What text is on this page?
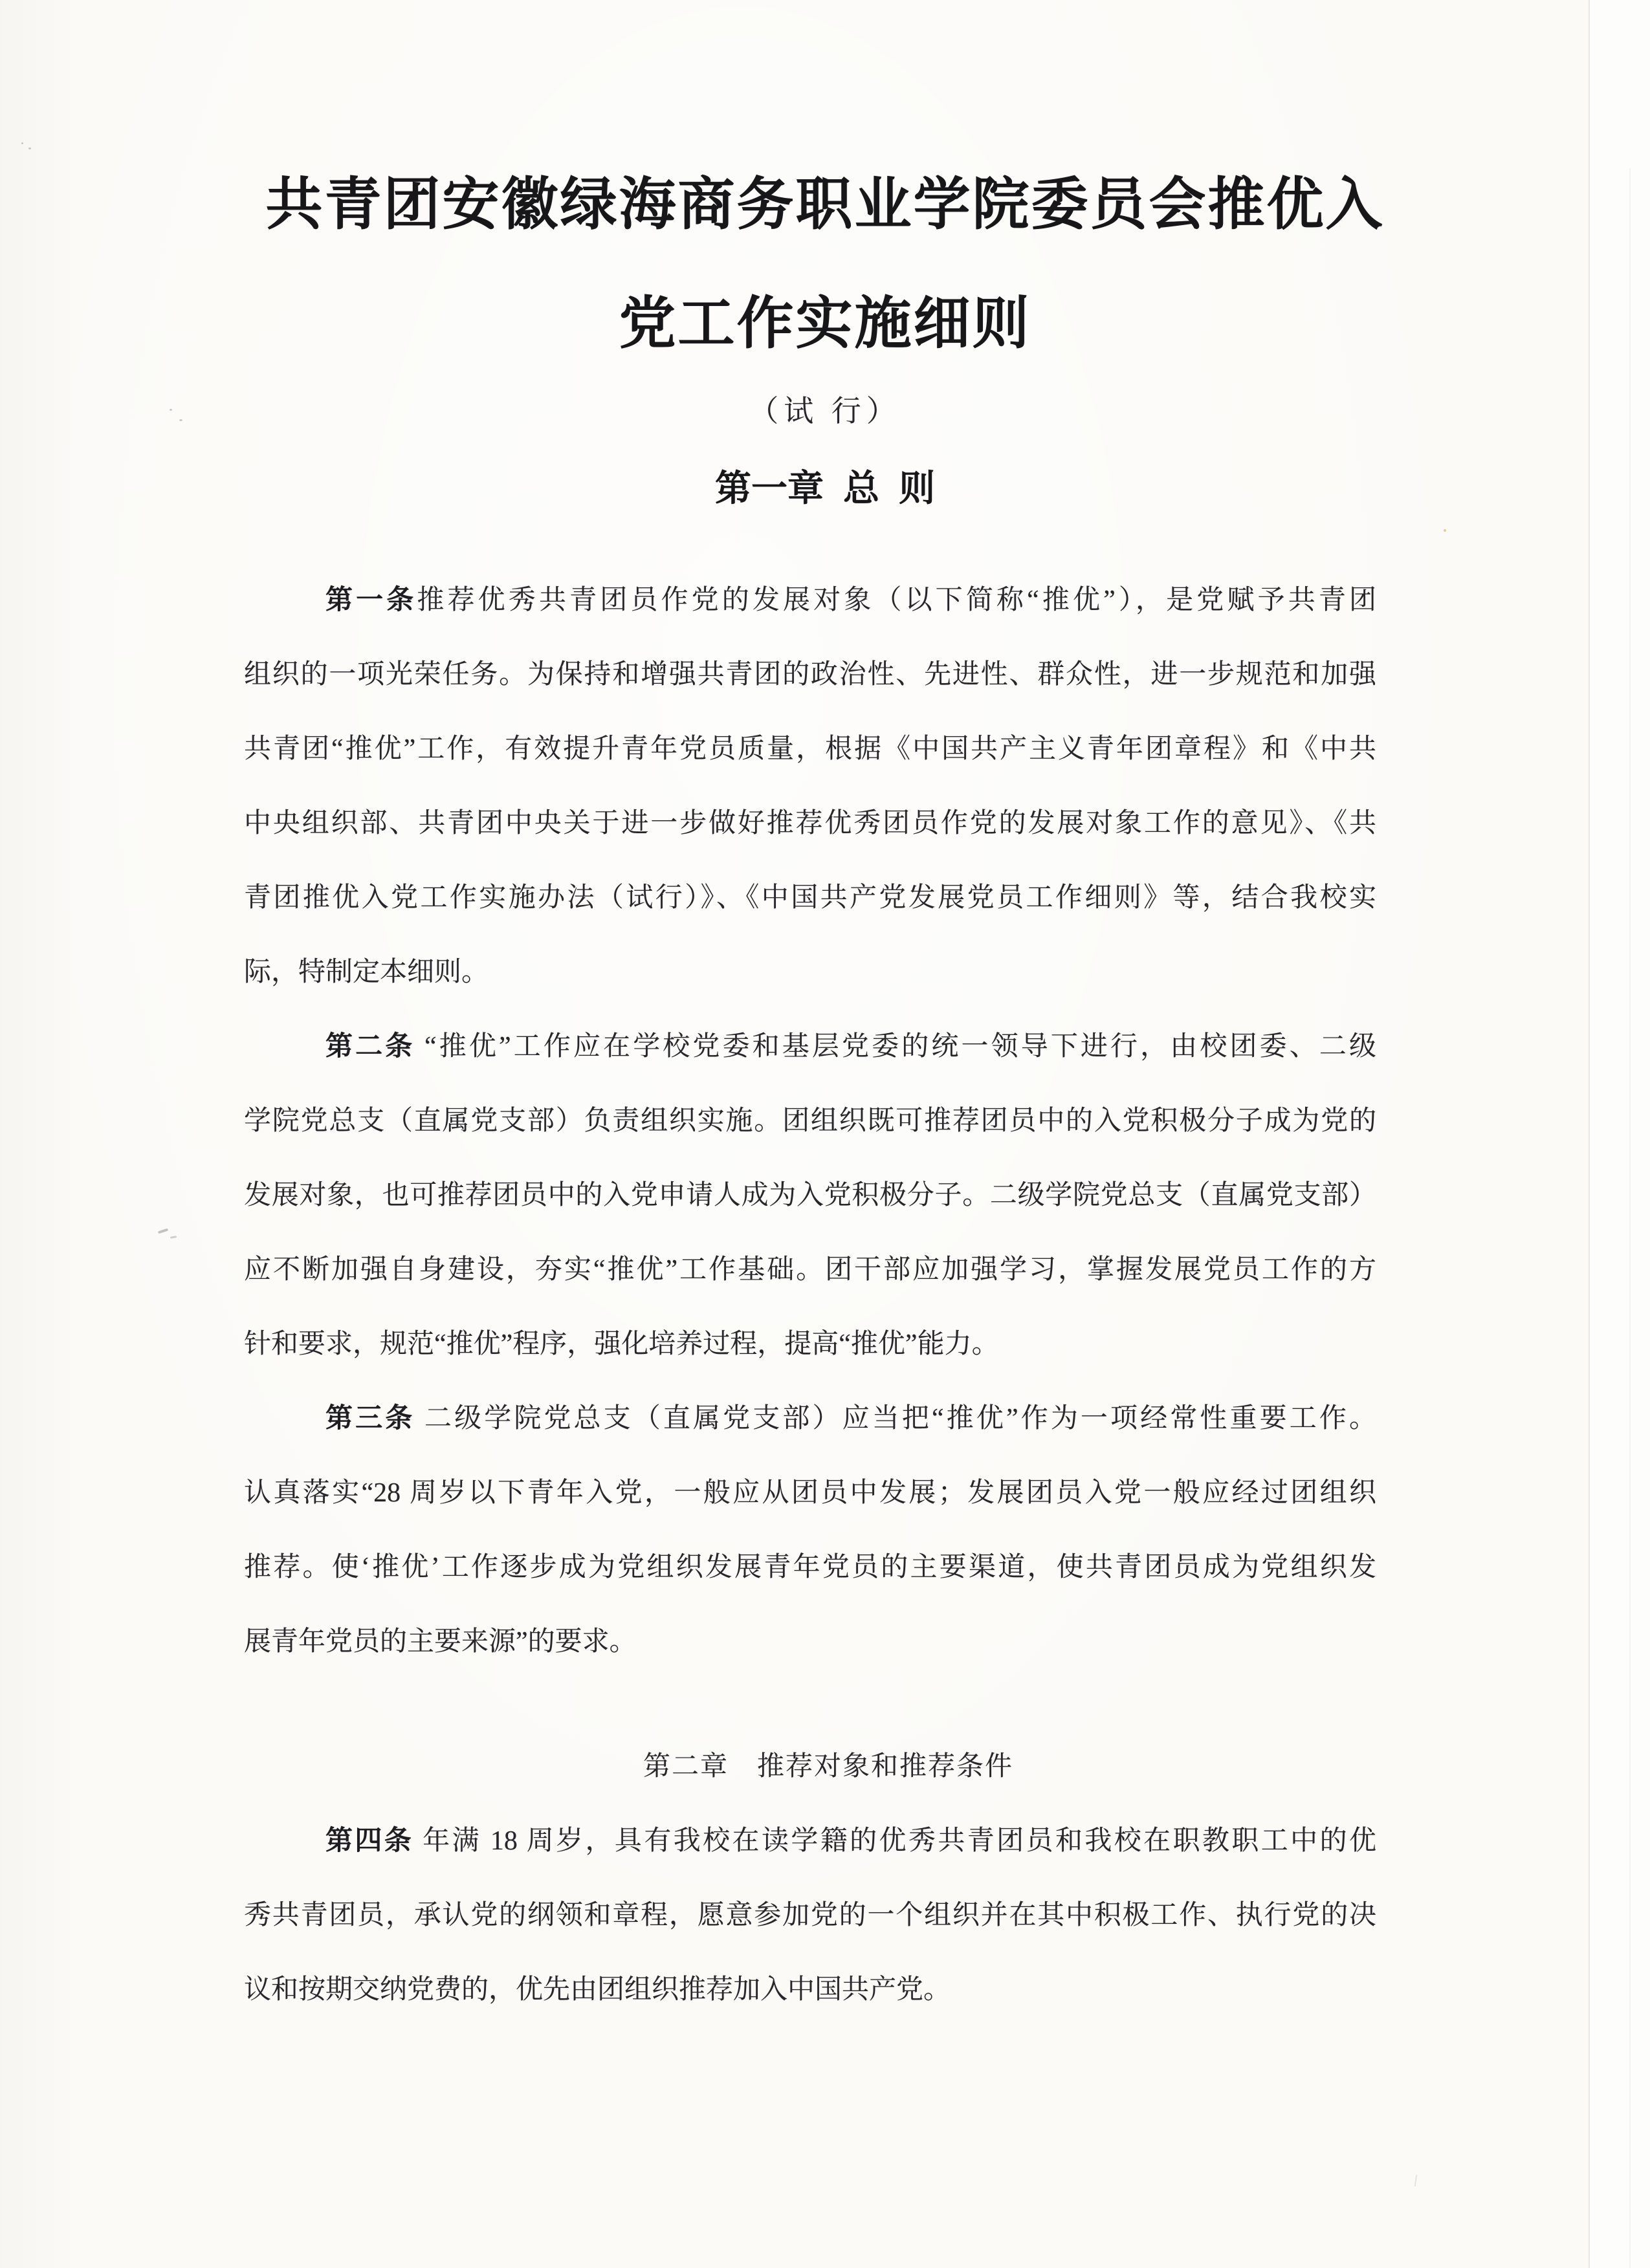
共青团安徽绿海商务职业学院委员会推优入
党工作实施细则
（试 行）
第一章 总 则

第一条推荐优秀共青团员作党的发展对象（以下简称“推优”），是党赋予共青团
组织的一项光荣任务。为保持和增强共青团的政治性、先进性、群众性，进一步规范和加强
共青团“推优”工作，有效提升青年党员质量，根据《中国共产主义青年团章程》和《中共
中央组织部、共青团中央关于进一步做好推荐优秀团员作党的发展对象工作的意见》、《共
青团推优入党工作实施办法（试行）》、《中国共产党发展党员工作细则》等，结合我校实
际，特制定本细则。

第二条 “推优”工作应在学校党委和基层党委的统一领导下进行，由校团委、二级
学院党总支（直属党支部）负责组织实施。团组织既可推荐团员中的入党积极分子成为党的
发展对象，也可推荐团员中的入党申请人成为入党积极分子。二级学院党总支（直属党支部）
应不断加强自身建设，夯实“推优”工作基础。团干部应加强学习，掌握发展党员工作的方
针和要求，规范“推优”程序，强化培养过程，提高“推优”能力。

第三条 二级学院党总支（直属党支部）应当把“推优”作为一项经常性重要工作。
认真落实“28 周岁以下青年入党，一般应从团员中发展；发展团员入党一般应经过团组织
推荐。使‘推优’工作逐步成为党组织发展青年党员的主要渠道，使共青团员成为党组织发
展青年党员的主要来源”的要求。

第二章　推荐对象和推荐条件

第四条 年满 18 周岁，具有我校在读学籍的优秀共青团员和我校在职教职工中的优
秀共青团员，承认党的纲领和章程，愿意参加党的一个组织并在其中积极工作、执行党的决
议和按期交纳党费的，优先由团组织推荐加入中国共产党。
